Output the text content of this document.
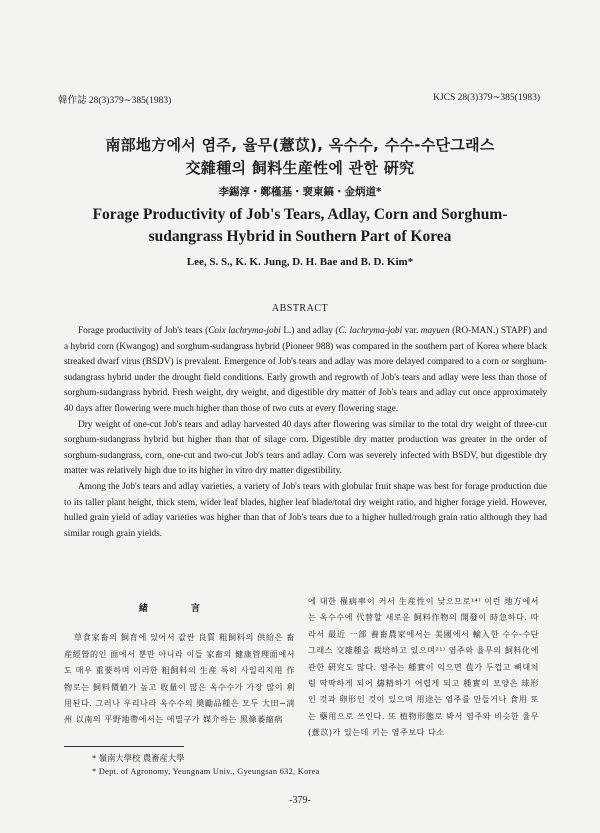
韓作誌 28(3)379∼385(1983)	KJCS 28(3)379∼385(1983)
南部地方에서 염주, 율무(薏苡), 옥수수, 수수-수단그래스
交雜種의 飼料生産性에 관한 硏究
李錫淳・鄭槿基・裵東鎬・金炳道*
Forage Productivity of Job's Tears, Adlay, Corn and Sorghum-
sudangrass Hybrid in Southern Part of Korea
Lee, S. S., K. K. Jung, D. H. Bae and B. D. Kim*
ABSTRACT

Forage productivity of Job's tears (Coix lachryma-jobi L.) and adlay (C. lachryma-jobi var. mayuen (RO-MAN.) STAPF) and a hybrid corn (Kwangog) and sorghum-sudangrass hybrid (Pioneer 988) was compared in the southern part of Korea where black streaked dwarf virus (BSDV) is prevalent. Emergence of Job's tears and adlay was more delayed compared to a corn or sorghum-sudangrass hybrid under the drought field conditions. Early growth and regrowth of Job's tears and adlay were less than those of sorghum-sudangrass hybrid. Fresh weight, dry weight, and digestible dry matter of Job's tears and adlay cut once approximately 40 days after flowering were much higher than those of two cuts at every flowering stage.

Dry weight of one-cut Job's tears and adlay harvested 40 days after flowering was similar to the total dry weight of three-cut sorghum-sudangrass hybrid but higher than that of silage corn. Digestible dry matter production was greater in the order of sorghum-sudangrass, corn, one-cut and two-cut Job's tears and adlay. Corn was severely infected with BSDV, but digestible dry matter was relatively high due to its higher in vitro dry matter digestibility.

Among the Job's tears and adlay varieties, a variety of Job's tears with globular fruit shape was best for forage production due to its taller plant height, thick stem, wider leaf blades, higher leaf blade/total dry weight ratio, and higher forage yield. However, hulled grain yield of adlay varieties was higher than that of Job's tears due to a higher hulled/rough grain ratio although they had similar rough grain yields.

緒 言

草食家畜의 飼育에 있어서 값싼 良質 粗飼料의 供給은 畜産經營的인 面에서 뿐만 아니라 이들 家畜의 健康管理面에서도 매우 重要하며 이러한 粗飼料의 生産 특히 사일리지用 作物로는 飼料價値가 높고 收量이 많은 옥수수가 가장 많이 利用된다. 그러나 우리나라 옥수수의 奬勵品種은 모두 大田∼淸州 以南의 平野地帶에서는 애멸구가 媒介하는 黑條萎縮病

에 대한 罹病率이 커서 生産性이 낮으므로¹⁴⁾ 이런 地方에서는 옥수수에 代替할 새로운 飼料作物의 開發이 時急하다. 따라서 最近 一部 養畜農家에서는 美國에서 輸入한 수수-수단그래스 交雜種을 栽培하고 있으며²¹⁾ 염주와 율무의 飼料化에 관한 硏究도 많다. 염주는 種實이 익으면 苞가 두껍고 뼈대처럼 딱딱하게 되어 擣精하기 어렵게 되고 種實의 모양은 球形인 것과 卵形인 것이 있으며 用途는 염주를 만들거나 食用 또는 藥用으로 쓰인다. 또 植物形態로 봐서 염주와 비슷한 율무(薏苡)가 있는데 키는 염주보다 다소

* 嶺南大學校 農畜産大學
* Dept. of Agronomy, Yeungnam Univ., Gyeungsan 632, Korea
-379-
